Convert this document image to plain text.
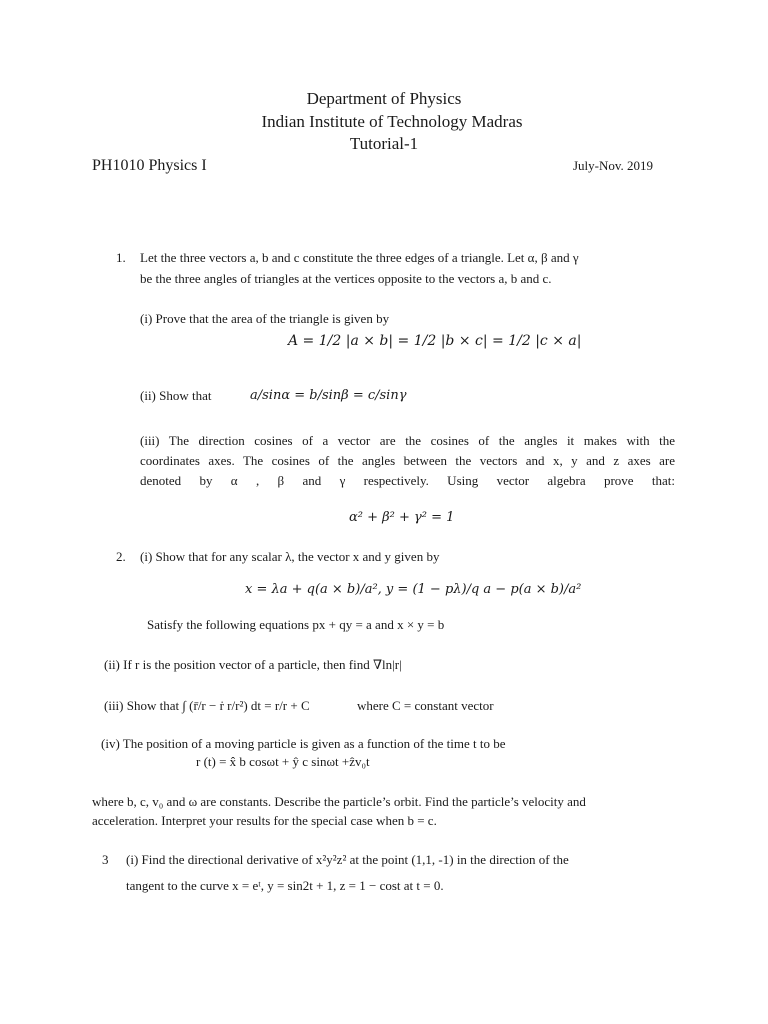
Department of Physics
Indian Institute of Technology Madras
Tutorial-1
PH1010 Physics I	July-Nov. 2019
1. Let the three vectors a, b and c constitute the three edges of a triangle. Let α, β and γ
be the three angles of triangles at the vertices opposite to the vectors a, b and c.
(i) Prove that the area of the triangle is given by
A = 1/2 |a × b| = 1/2 |b × c| = 1/2 |c × a|
(ii) Show that	a/sinα = b/sinβ = c/sinγ
(iii) The direction cosines of a vector are the cosines of the angles it makes with the
coordinates axes. The cosines of the angles between the vectors and x, y and z axes are
denoted by α , β and γ respectively. Using vector algebra prove that:
α² + β² + γ² = 1
2. (i) Show that for any scalar λ, the vector x and y given by
x = λa + q(a × b)/a², y = (1 − pλ)/q a − p(a × b)/a²
Satisfy the following equations px + qy = a and x × y = b
(ii) If r is the position vector of a particle, then find ∇ln|r|
(iii) Show that ∫ (r̄/r − ṙ r/r²) dt = r/r + C	where C = constant vector
(iv) The position of a moving particle is given as a function of the time t to be
r (t) = x̂ b cosωt + ŷ c sinωt +ẑv₀t
where b, c, v₀ and ω are constants. Describe the particle’s orbit. Find the particle’s velocity and
acceleration. Interpret your results for the special case when b = c.
3 (i) Find the directional derivative of x²y²z² at the point (1,1, -1) in the direction of the
tangent to the curve x = eᵗ, y = sin2t + 1, z = 1 − cost at t = 0.
